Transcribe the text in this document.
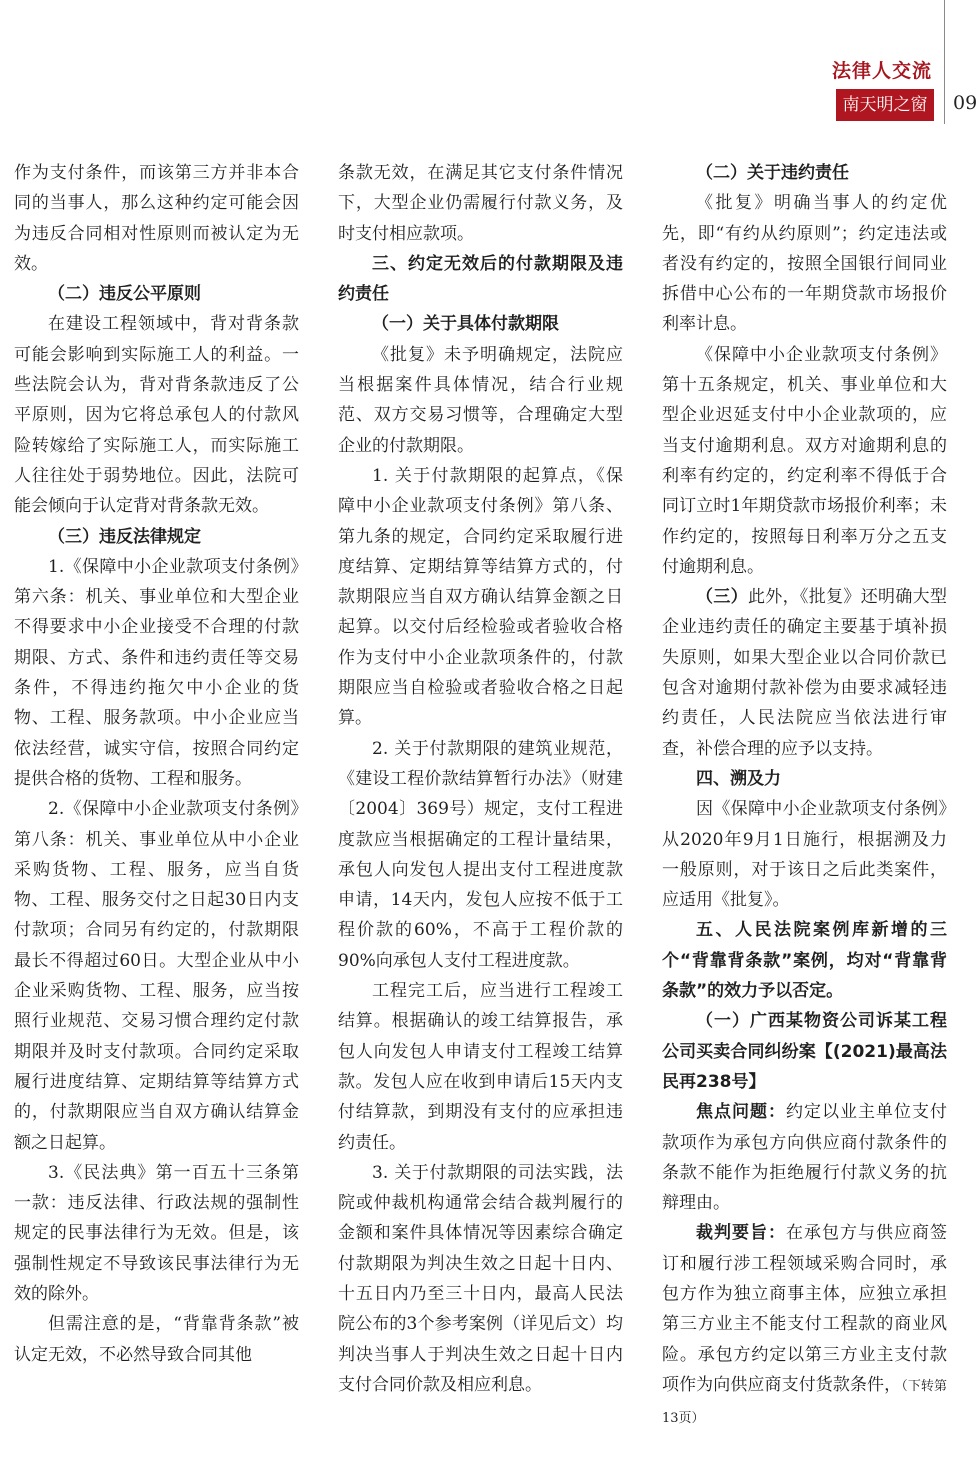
法律人交流
南天明之窗	09

作为支付条件，而该第三方并非本合同的当事人，那么这种约定可能会因为违反合同相对性原则而被认定为无效。

（二）违反公平原则

在建设工程领域中，背对背条款可能会影响到实际施工人的利益。一些法院会认为，背对背条款违反了公平原则，因为它将总承包人的付款风险转嫁给了实际施工人，而实际施工人往往处于弱势地位。因此，法院可能会倾向于认定背对背条款无效。

（三）违反法律规定

1.《保障中小企业款项支付条例》第六条：机关、事业单位和大型企业不得要求中小企业接受不合理的付款期限、方式、条件和违约责任等交易条件，不得违约拖欠中小企业的货物、工程、服务款项。中小企业应当依法经营，诚实守信，按照合同约定提供合格的货物、工程和服务。

2.《保障中小企业款项支付条例》第八条：机关、事业单位从中小企业采购货物、工程、服务，应当自货物、工程、服务交付之日起30日内支付款项；合同另有约定的，付款期限最长不得超过60日。大型企业从中小企业采购货物、工程、服务，应当按照行业规范、交易习惯合理约定付款期限并及时支付款项。合同约定采取履行进度结算、定期结算等结算方式的，付款期限应当自双方确认结算金额之日起算。

3.《民法典》第一百五十三条第一款：违反法律、行政法规的强制性规定的民事法律行为无效。但是，该强制性规定不导致该民事法律行为无效的除外。

但需注意的是，“背靠背条款”被认定无效，不必然导致合同其他

条款无效，在满足其它支付条件情况下，大型企业仍需履行付款义务，及时支付相应款项。

三、约定无效后的付款期限及违约责任
（一）关于具体付款期限

《批复》未予明确规定，法院应当根据案件具体情况，结合行业规范、双方交易习惯等，合理确定大型企业的付款期限。

1. 关于付款期限的起算点，《保障中小企业款项支付条例》第八条、第九条的规定，合同约定采取履行进度结算、定期结算等结算方式的，付款期限应当自双方确认结算金额之日起算。以交付后经检验或者验收合格作为支付中小企业款项条件的，付款期限应当自检验或者验收合格之日起算。

2. 关于付款期限的建筑业规范，《建设工程价款结算暂行办法》（财建〔2004〕369号）规定，支付工程进度款应当根据确定的工程计量结果，承包人向发包人提出支付工程进度款申请，14天内，发包人应按不低于工程价款的60%，不高于工程价款的90%向承包人支付工程进度款。

工程完工后，应当进行工程竣工结算。根据确认的竣工结算报告，承包人向发包人申请支付工程竣工结算款。发包人应在收到申请后15天内支付结算款，到期没有支付的应承担违约责任。

3. 关于付款期限的司法实践，法院或仲裁机构通常会结合裁判履行的金额和案件具体情况等因素综合确定付款期限为判决生效之日起十日内、十五日内乃至三十日内，最高人民法院公布的3个参考案例（详见后文）均判决当事人于判决生效之日起十日内支付合同价款及相应利息。

（二）关于违约责任

《批复》明确当事人的约定优先，即“有约从约原则”；约定违法或者没有约定的，按照全国银行间同业拆借中心公布的一年期贷款市场报价利率计息。

《保障中小企业款项支付条例》第十五条规定，机关、事业单位和大型企业迟延支付中小企业款项的，应当支付逾期利息。双方对逾期利息的利率有约定的，约定利率不得低于合同订立时1年期贷款市场报价利率；未作约定的，按照每日利率万分之五支付逾期利息。

（三）此外，《批复》还明确大型企业违约责任的确定主要基于填补损失原则，如果大型企业以合同价款已包含对逾期付款补偿为由要求减轻违约责任，人民法院应当依法进行审查，补偿合理的应予以支持。

四、溯及力

因《保障中小企业款项支付条例》从2020年9月1日施行，根据溯及力一般原则，对于该日之后此类案件，应适用《批复》。

五、人民法院案例库新增的三个“背靠背条款”案例，均对“背靠背条款”的效力予以否定。
（一）广西某物资公司诉某工程公司买卖合同纠纷案【(2021)最高法民再238号】

焦点问题：约定以业主单位支付款项作为承包方向供应商付款条件的条款不能作为拒绝履行付款义务的抗辩理由。

裁判要旨：在承包方与供应商签订和履行涉工程领域采购合同时，承包方作为独立商事主体，应独立承担第三方业主不能支付工程款的商业风险。承包方约定以第三方业主支付款项作为向供应商支付货款条件，（下转第13页）
